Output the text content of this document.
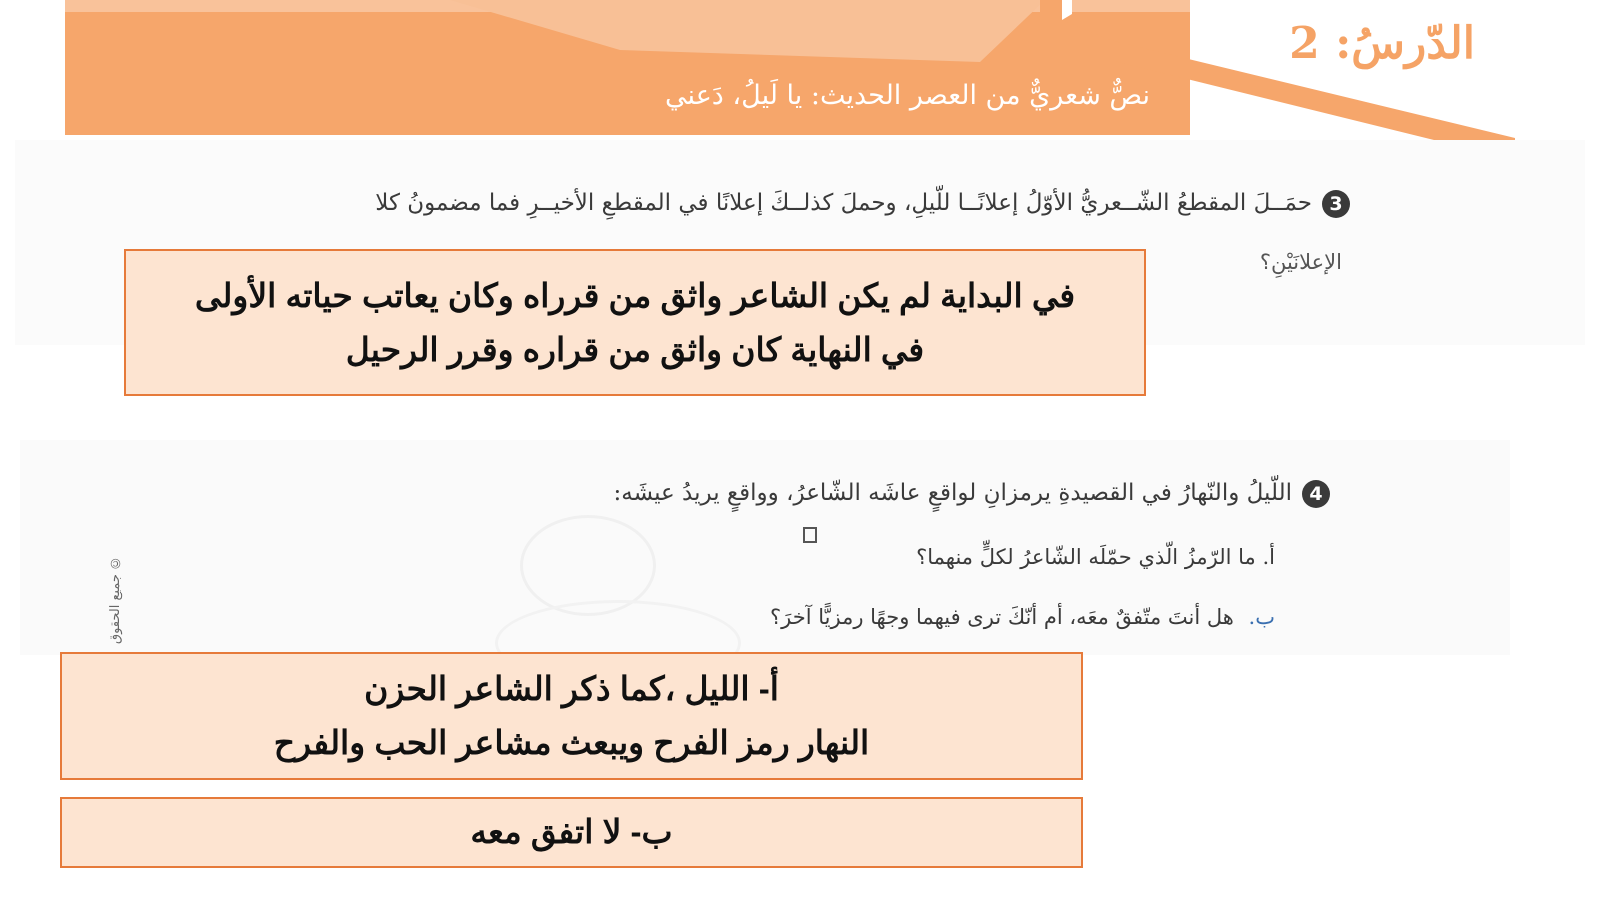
الدّرسُ: 2
نصٌّ شعريٌّ من العصر الحديث: يا لَيلُ، دَعني
3حمَــلَ المقطعُ الشّــعريُّ الأوّلُ إعلانًــا للّيلِ، وحملَ كذلــكَ إعلانًا في المقطعِ الأخيــرِ فما مضمونُ كلا
الإعلانَيْنِ؟
في البداية لم يكن الشاعر واثق من قرراه وكان يعاتب حياته الأولى
في النهاية كان واثق من قراره وقرر الرحيل
4اللّيلُ والنّهارُ في القصيدةِ يرمزانِ لواقعٍ عاشَه الشّاعرُ، وواقعٍ يريدُ عيشَه:
أ. ما الرّمزُ الّذي حمّلَه الشّاعرُ لكلٍّ منهما؟
ب. هل أنتَ متّفقٌ معَه، أم أنّكَ ترى فيهما وجهًا رمزيًّا آخرَ؟
جميع الحقوق ©
أ- الليل ،كما ذكر الشاعر الحزن
النهار رمز الفرح ويبعث مشاعر الحب والفرح
ب- لا اتفق معه
